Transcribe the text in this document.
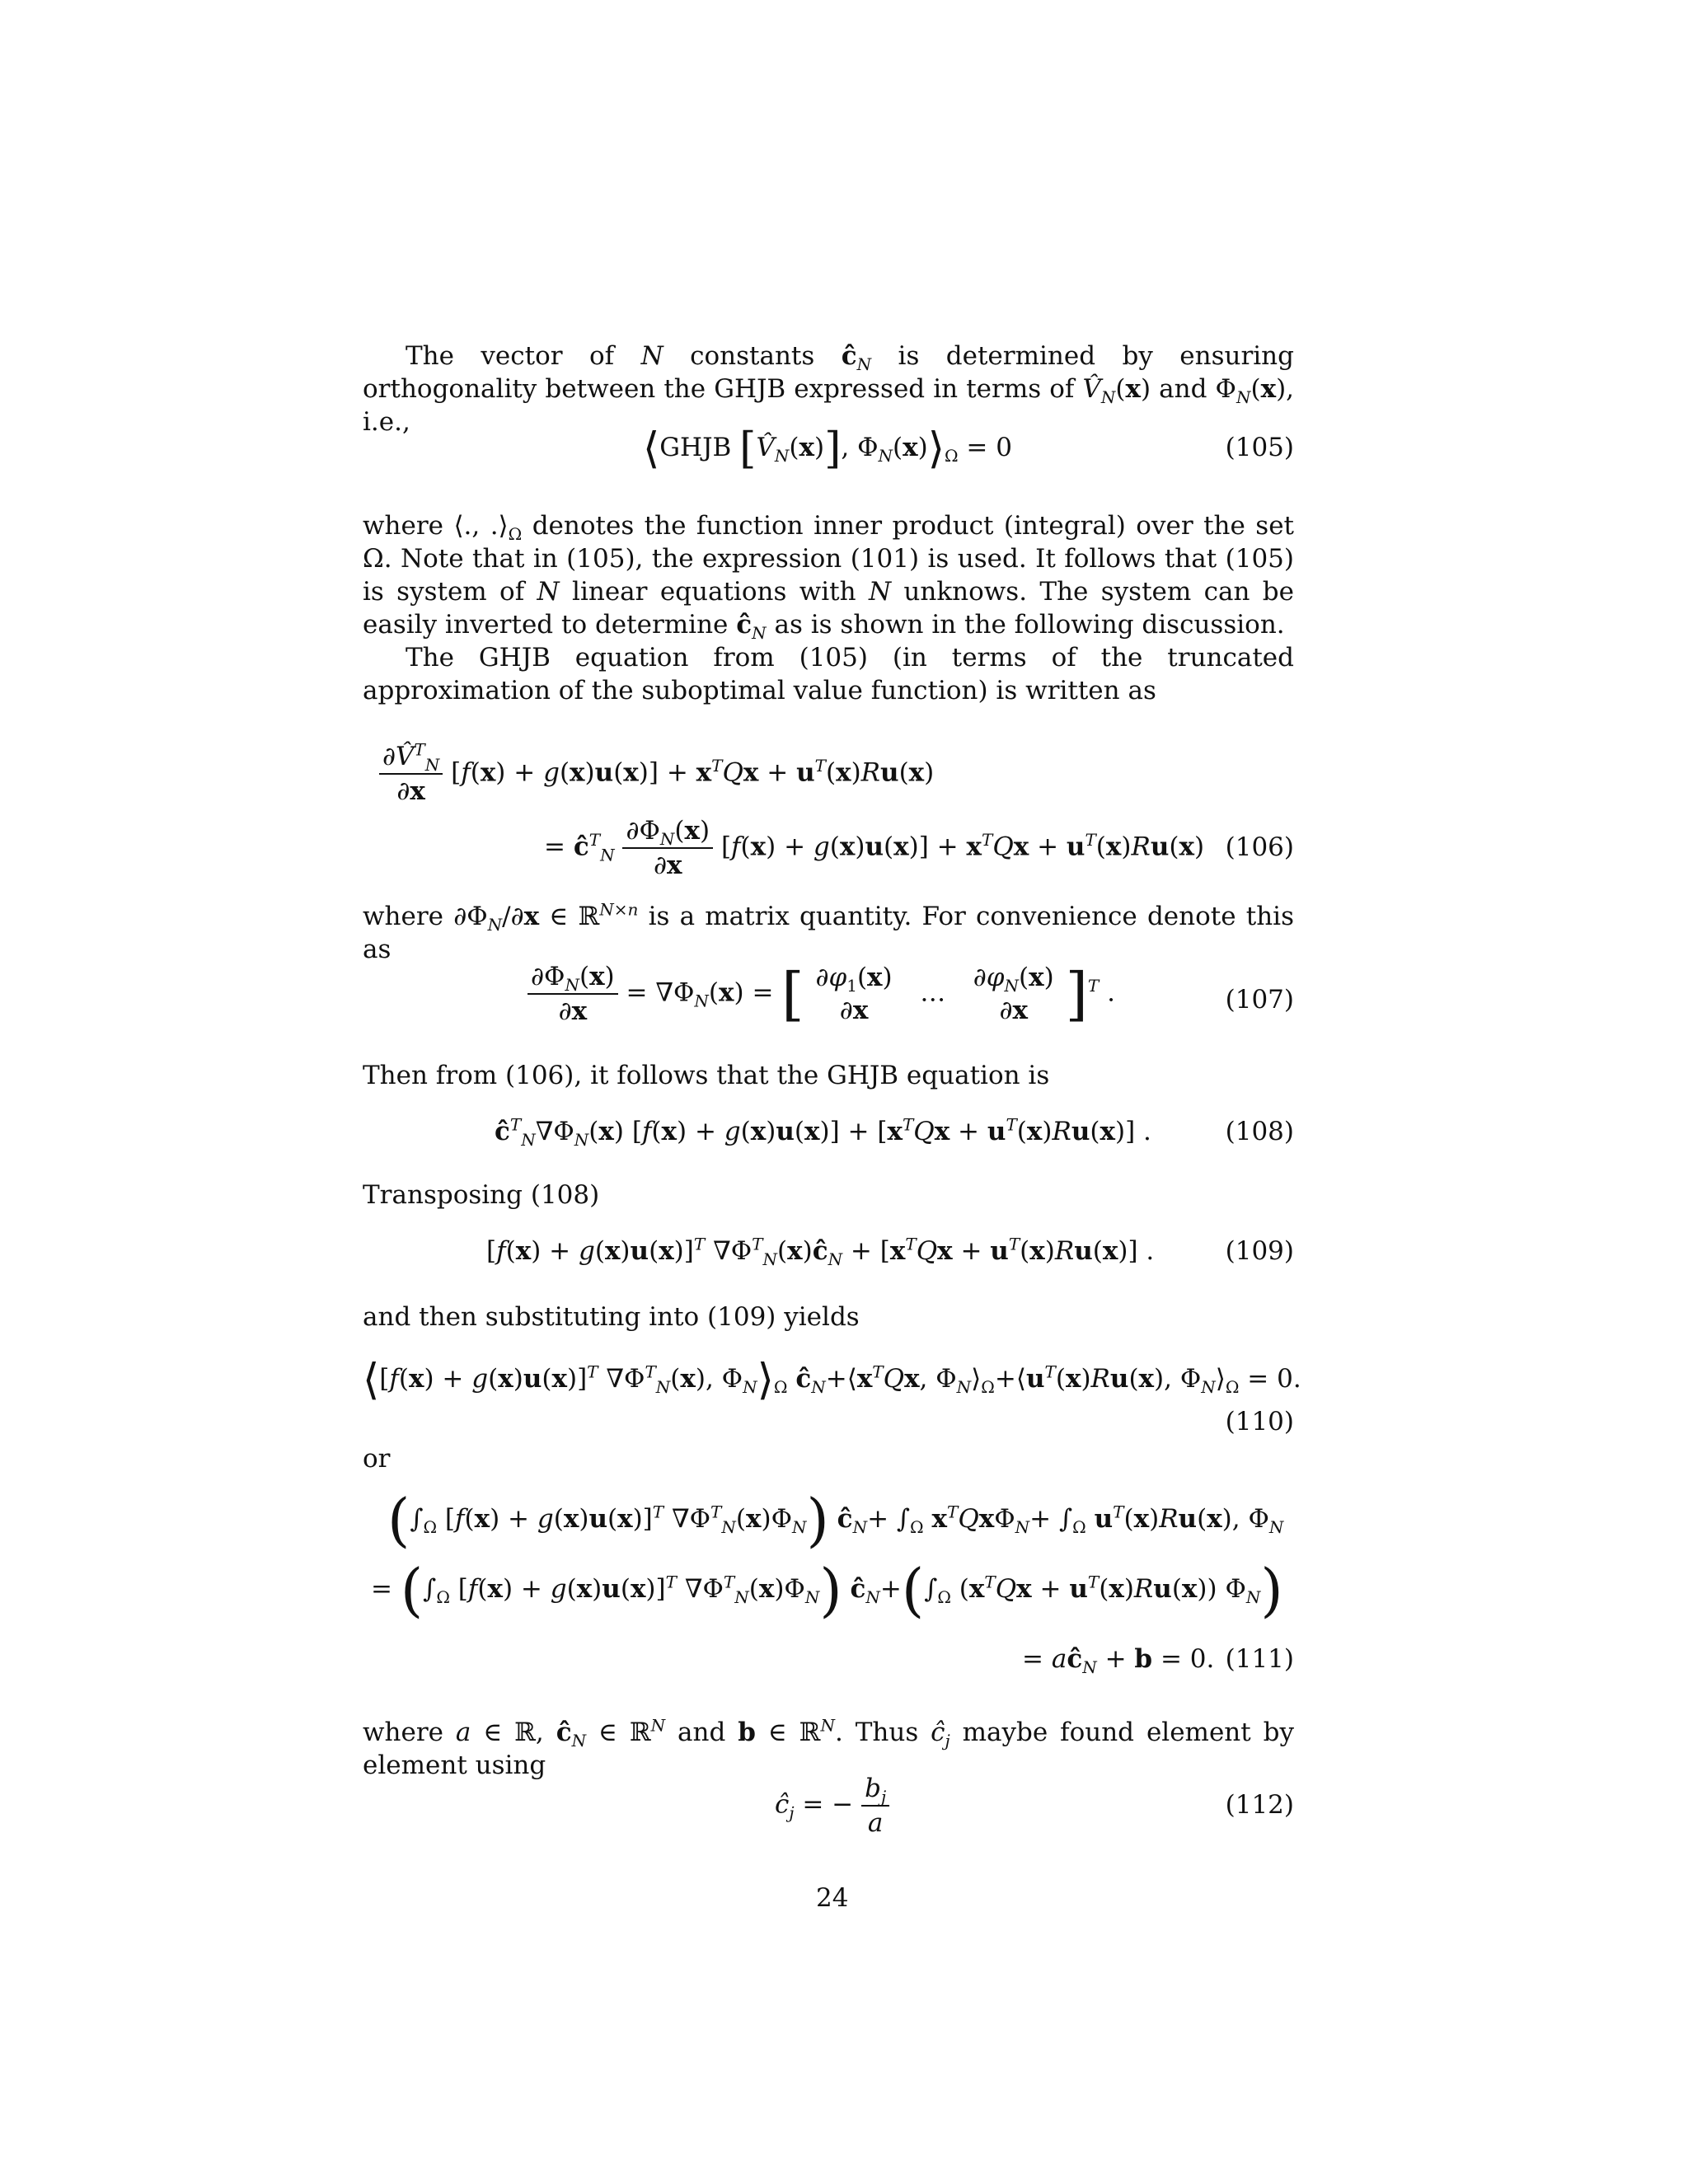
The vector of N constants $ĉ_N$ is determined by ensuring orthogonality between the GHJB expressed in terms of $V̂_N(x)$ and $\Phi_N(x)$, i.e.,

⟨GHJB $[V̂_N(x)]$, $\Phi_N(x)⟩_\Omega = 0$	(105)

where ⟨., $.⟩_\Omega$ denotes the function inner product (integral) over the set Ω. Note that in (105), the expression (101) is used. It follows that (105) is system of N linear equations with N unknows. The system can be easily inverted to determine $ĉ_N$ as is shown in the following discussion.

The GHJB equation from (105) (in terms of the truncated approximation of the suboptimal value function) is written as

$\frac{\partial V̂^T_N}{\partial x} [f(x) + g(x)u(x)] + x^TQx + u^T(x)Ru(x)$
= $ĉ^T_N \frac{\partial\Phi_N(x)}{\partial x} [f(x) + g(x)u(x)] + x^TQx + u^T(x)Ru(x)$ (106)

where $\partial\Phi_N/\partial x$ ∈ ℝ$^{N\times n}$ is a matrix quantity. For convenience denote this as

$\frac{\partial\Phi_N(x)}{\partial x} = \nabla\Phi_N(x)$ = [ $\partial\varphi_1(x)$
∂x
…
$\partial\varphi_N(x)$
∂x ]$^T$ .	(107)

Then from (106), it follows that the GHJB equation is

$ĉ^T_N\nabla\Phi_N(x) [f(x) + g(x)u(x)] + [x^TQx + u^T(x)Ru(x)]$ .	(108)

Transposing (108)

$[f(x) + g(x)u(x)]^T$ $\nabla\Phi^T_N(x)ĉ_N + [x^TQx + u^T(x)Ru(x)]$ .	(109)

and then substituting into (109) yields

⟨[f(x) + g(x)u(x)]$^T$ $\nabla\Phi^T_N(x)$, $\Phi_N⟩_\Omega$ $ĉ_N+⟨x^TQx$, $\Phi_N⟩_\Omega+⟨u^T(x)Ru(x)$, $\Phi_N⟩_\Omega = 0$.
(110)

or

($\int_\Omega$ $[f(x) + g(x)u(x)]^T$ $\nabla\Phi^T_N(x)\Phi_N$) $ĉ_N+ \int_\Omega$ $x^TQx\Phi_N+ \int_\Omega$ $u^T(x)Ru(x)$, $\Phi_N$
= ($\int_\Omega$ $[f(x) + g(x)u(x)]^T$ $\nabla\Phi^T_N(x)\Phi_N$) $ĉ_N+(\int_\Omega$ $(x^TQx + u^T(x)Ru(x))$ $\Phi_N$)
= $aĉ_N + b = 0$. (111)

where a ∈ ℝ, $ĉ_N$ ∈ ℝ$^N$ and b ∈ ℝ$^N$. Thus $ĉ_j$ maybe found element by element using

$ĉ_j$ = − $\frac{b_j}{a}$	(112)
24
